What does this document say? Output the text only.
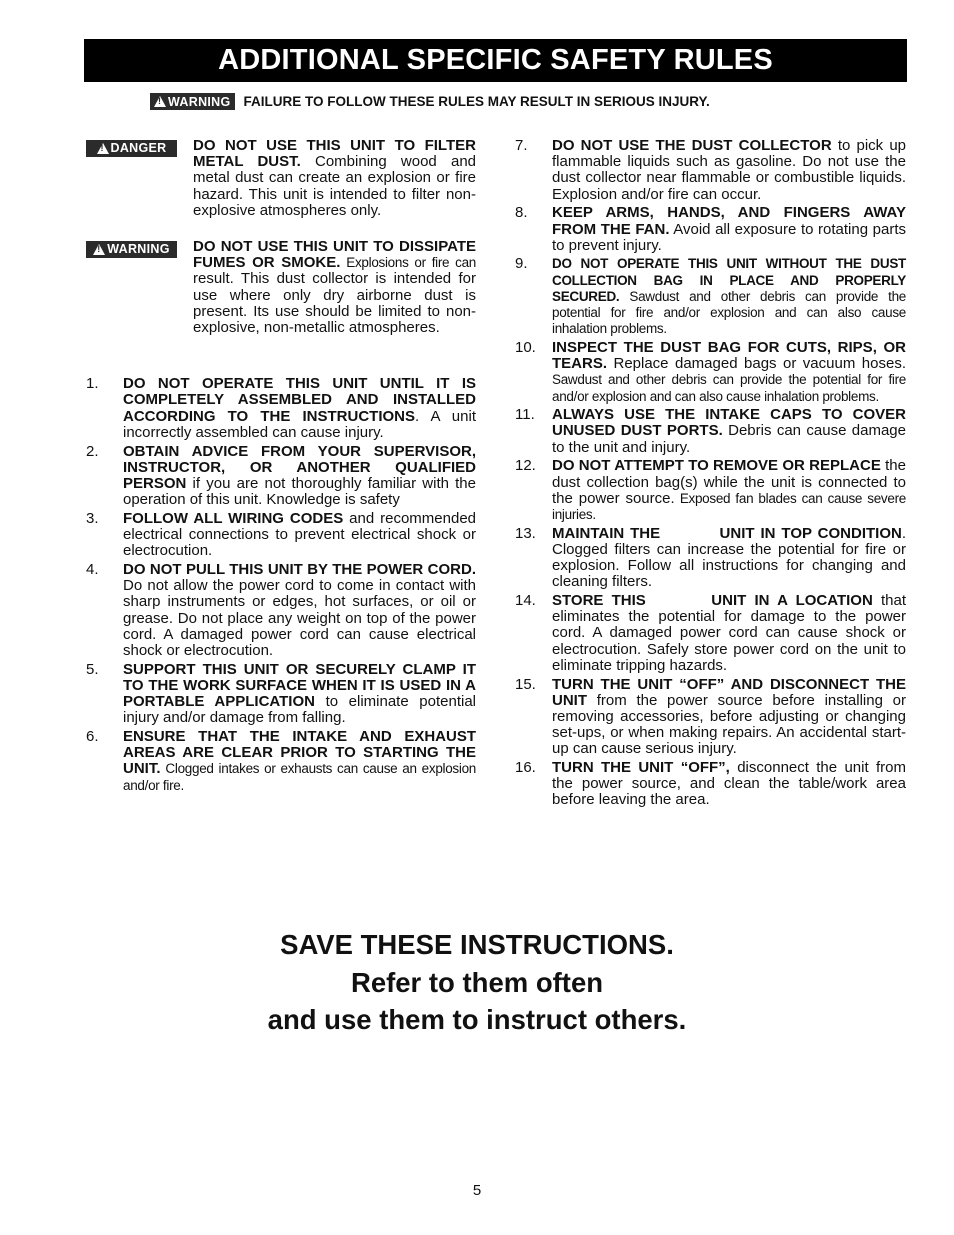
ADDITIONAL SPECIFIC SAFETY RULES
!
WARNING FAILURE TO FOLLOW THESE RULES MAY RESULT IN SERIOUS INJURY.
!
DANGER DO NOT USE THIS UNIT TO FILTER METAL DUST. Combining wood and metal dust can create an explosion or fire hazard. This unit is intended to filter non-explosive atmospheres only.
!
WARNING DO NOT USE THIS UNIT TO DISSIPATE FUMES OR SMOKE. Explosions or fire can result. This dust collector is intended for use where only dry airborne dust is present. Its use should be limited to non-explosive, non-metallic atmospheres.
1.	DO NOT OPERATE THIS UNIT UNTIL IT IS COMPLETELY ASSEMBLED AND INSTALLED ACCORDING TO THE INSTRUCTIONS. A unit incorrectly assembled can cause injury.
2.	OBTAIN ADVICE FROM YOUR SUPERVISOR, INSTRUCTOR, OR ANOTHER QUALIFIED PERSON if you are not thoroughly familiar with the operation of this unit. Knowledge is safety
3.	FOLLOW ALL WIRING CODES and recommended electrical connections to prevent electrical shock or electrocution.
4.	DO NOT PULL THIS UNIT BY THE POWER CORD. Do not allow the power cord to come in contact with sharp instruments or edges, hot surfaces, or oil or grease. Do not place any weight on top of the power cord. A damaged power cord can cause electrical shock or electrocution.
5.	SUPPORT THIS UNIT OR SECURELY CLAMP IT TO THE WORK SURFACE WHEN IT IS USED IN A PORTABLE APPLICATION to eliminate potential injury and/or damage from falling.
6.	ENSURE THAT THE INTAKE AND EXHAUST AREAS ARE CLEAR PRIOR TO STARTING THE UNIT. Clogged intakes or exhausts can cause an explosion and/or fire.
7.	DO NOT USE THE DUST COLLECTOR to pick up flammable liquids such as gasoline. Do not use the dust collector near flammable or combustible liquids. Explosion and/or fire can occur.
8.	KEEP ARMS, HANDS, AND FINGERS AWAY FROM THE FAN. Avoid all exposure to rotating parts to prevent injury.
9.	DO NOT OPERATE THIS UNIT WITHOUT THE DUST COLLECTION BAG IN PLACE AND PROPERLY SECURED. Sawdust and other debris can provide the potential for fire and/or explosion and can also cause inhalation problems.
10.	INSPECT THE DUST BAG FOR CUTS, RIPS, OR TEARS. Replace damaged bags or vacuum hoses. Sawdust and other debris can provide the potential for fire and/or explosion and can also cause inhalation problems.
11.	ALWAYS USE THE INTAKE CAPS TO COVER UNUSED DUST PORTS. Debris can cause damage to the unit and injury.
12.	DO NOT ATTEMPT TO REMOVE OR REPLACE the dust collection bag(s) while the unit is connected to the power source. Exposed fan blades can cause severe injuries.
13.	MAINTAIN THE          UNIT IN TOP CONDITION. Clogged filters can increase the potential for fire or explosion. Follow all instructions for changing and cleaning filters.
14.	STORE THIS        UNIT IN A LOCATION that eliminates the potential for damage to the power cord. A damaged power cord can cause shock or electrocution. Safely store power cord on the unit to eliminate tripping hazards.
15.	TURN THE UNIT “OFF” AND DISCONNECT THE UNIT from the power source before installing or removing accessories, before adjusting or changing set-ups, or when making repairs. An accidental start-up can cause serious injury.
16.	TURN THE UNIT “OFF”, disconnect the unit from the power source, and clean the table/work area before leaving the area.
SAVE THESE INSTRUCTIONS.
Refer to them often
and use them to instruct others.
5
